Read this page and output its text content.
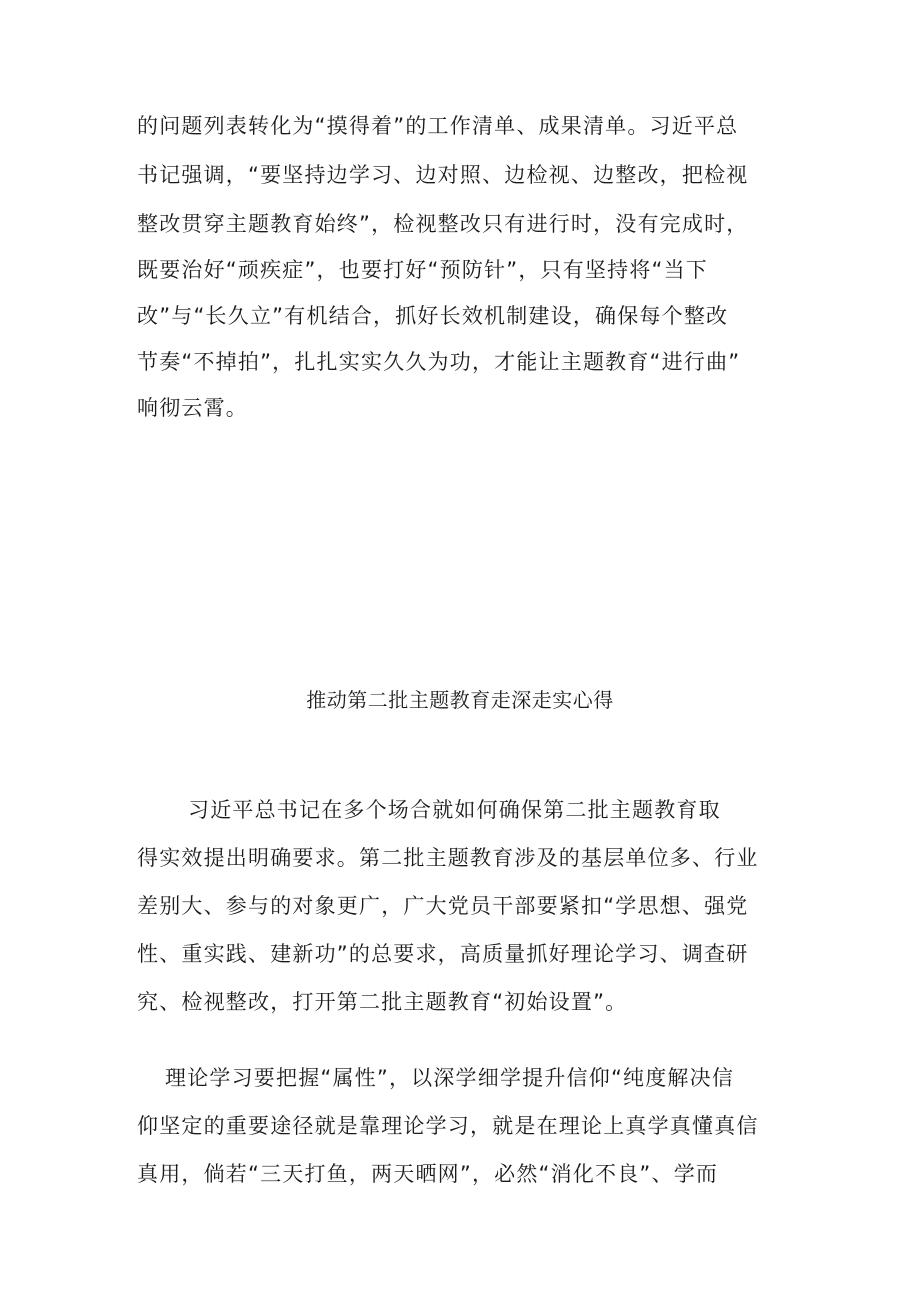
的问题列表转化为“摸得着”的工作清单、成果清单。习近平总
书记强调，“要坚持边学习、边对照、边检视、边整改，把检视
整改贯穿主题教育始终”，检视整改只有进行时，没有完成时，
既要治好“顽疾症”，也要打好“预防针”，只有坚持将“当下
改”与“长久立”有机结合，抓好长效机制建设，确保每个整改
节奏“不掉拍”，扎扎实实久久为功，才能让主题教育“进行曲”
响彻云霄。
推动第二批主题教育走深走实心得
习近平总书记在多个场合就如何确保第二批主题教育取
得实效提出明确要求。第二批主题教育涉及的基层单位多、行业
差别大、参与的对象更广，广大党员干部要紧扣“学思想、强党
性、重实践、建新功”的总要求，高质量抓好理论学习、调查研
究、检视整改，打开第二批主题教育“初始设置”。
理论学习要把握“属性”，以深学细学提升信仰“纯度解决信
仰坚定的重要途径就是靠理论学习，就是在理论上真学真懂真信
真用，倘若“三天打鱼，两天晒网”，必然“消化不良”、学而
